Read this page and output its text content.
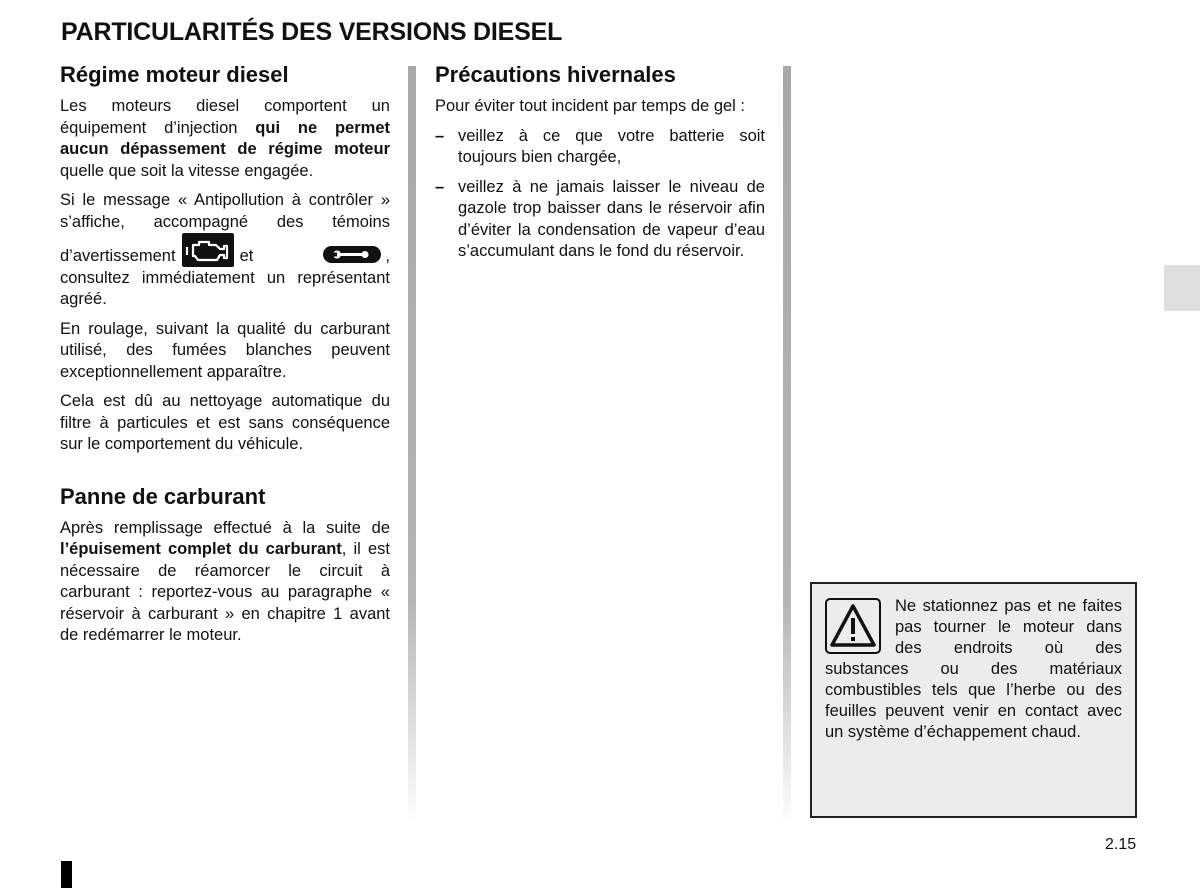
PARTICULARITÉS DES VERSIONS DIESEL
Régime moteur diesel

Les moteurs diesel comportent un équipement d’injection qui ne permet aucun dépassement de régime moteur quelle que soit la vitesse engagée.

Si le message « Antipollution à contrôler » s’affiche, accompagné des témoins d’avertissement	et	, consultez immédiatement un représentant agréé.

En roulage, suivant la qualité du carburant utilisé, des fumées blanches peuvent exceptionnellement apparaître.

Cela est dû au nettoyage automatique du filtre à particules et est sans conséquence sur le comportement du véhicule.

Panne de carburant

Après remplissage effectué à la suite de l’épuisement complet du carburant, il est nécessaire de réamorcer le circuit à carburant : reportez-vous au paragraphe « réservoir à carburant » en chapitre 1 avant de redémarrer le moteur.

Précautions hivernales

Pour éviter tout incident par temps de gel :

– veillez à ce que votre batterie soit toujours bien chargée,
– veillez à ne jamais laisser le niveau de gazole trop baisser dans le réservoir afin d’éviter la condensation de vapeur d’eau s’accumulant dans le fond du réservoir.

Ne stationnez pas et ne faites pas tourner le moteur dans des endroits où des substances ou des matériaux combustibles tels que l’herbe ou des feuilles peuvent venir en contact avec un système d’échappement chaud.

2.15
